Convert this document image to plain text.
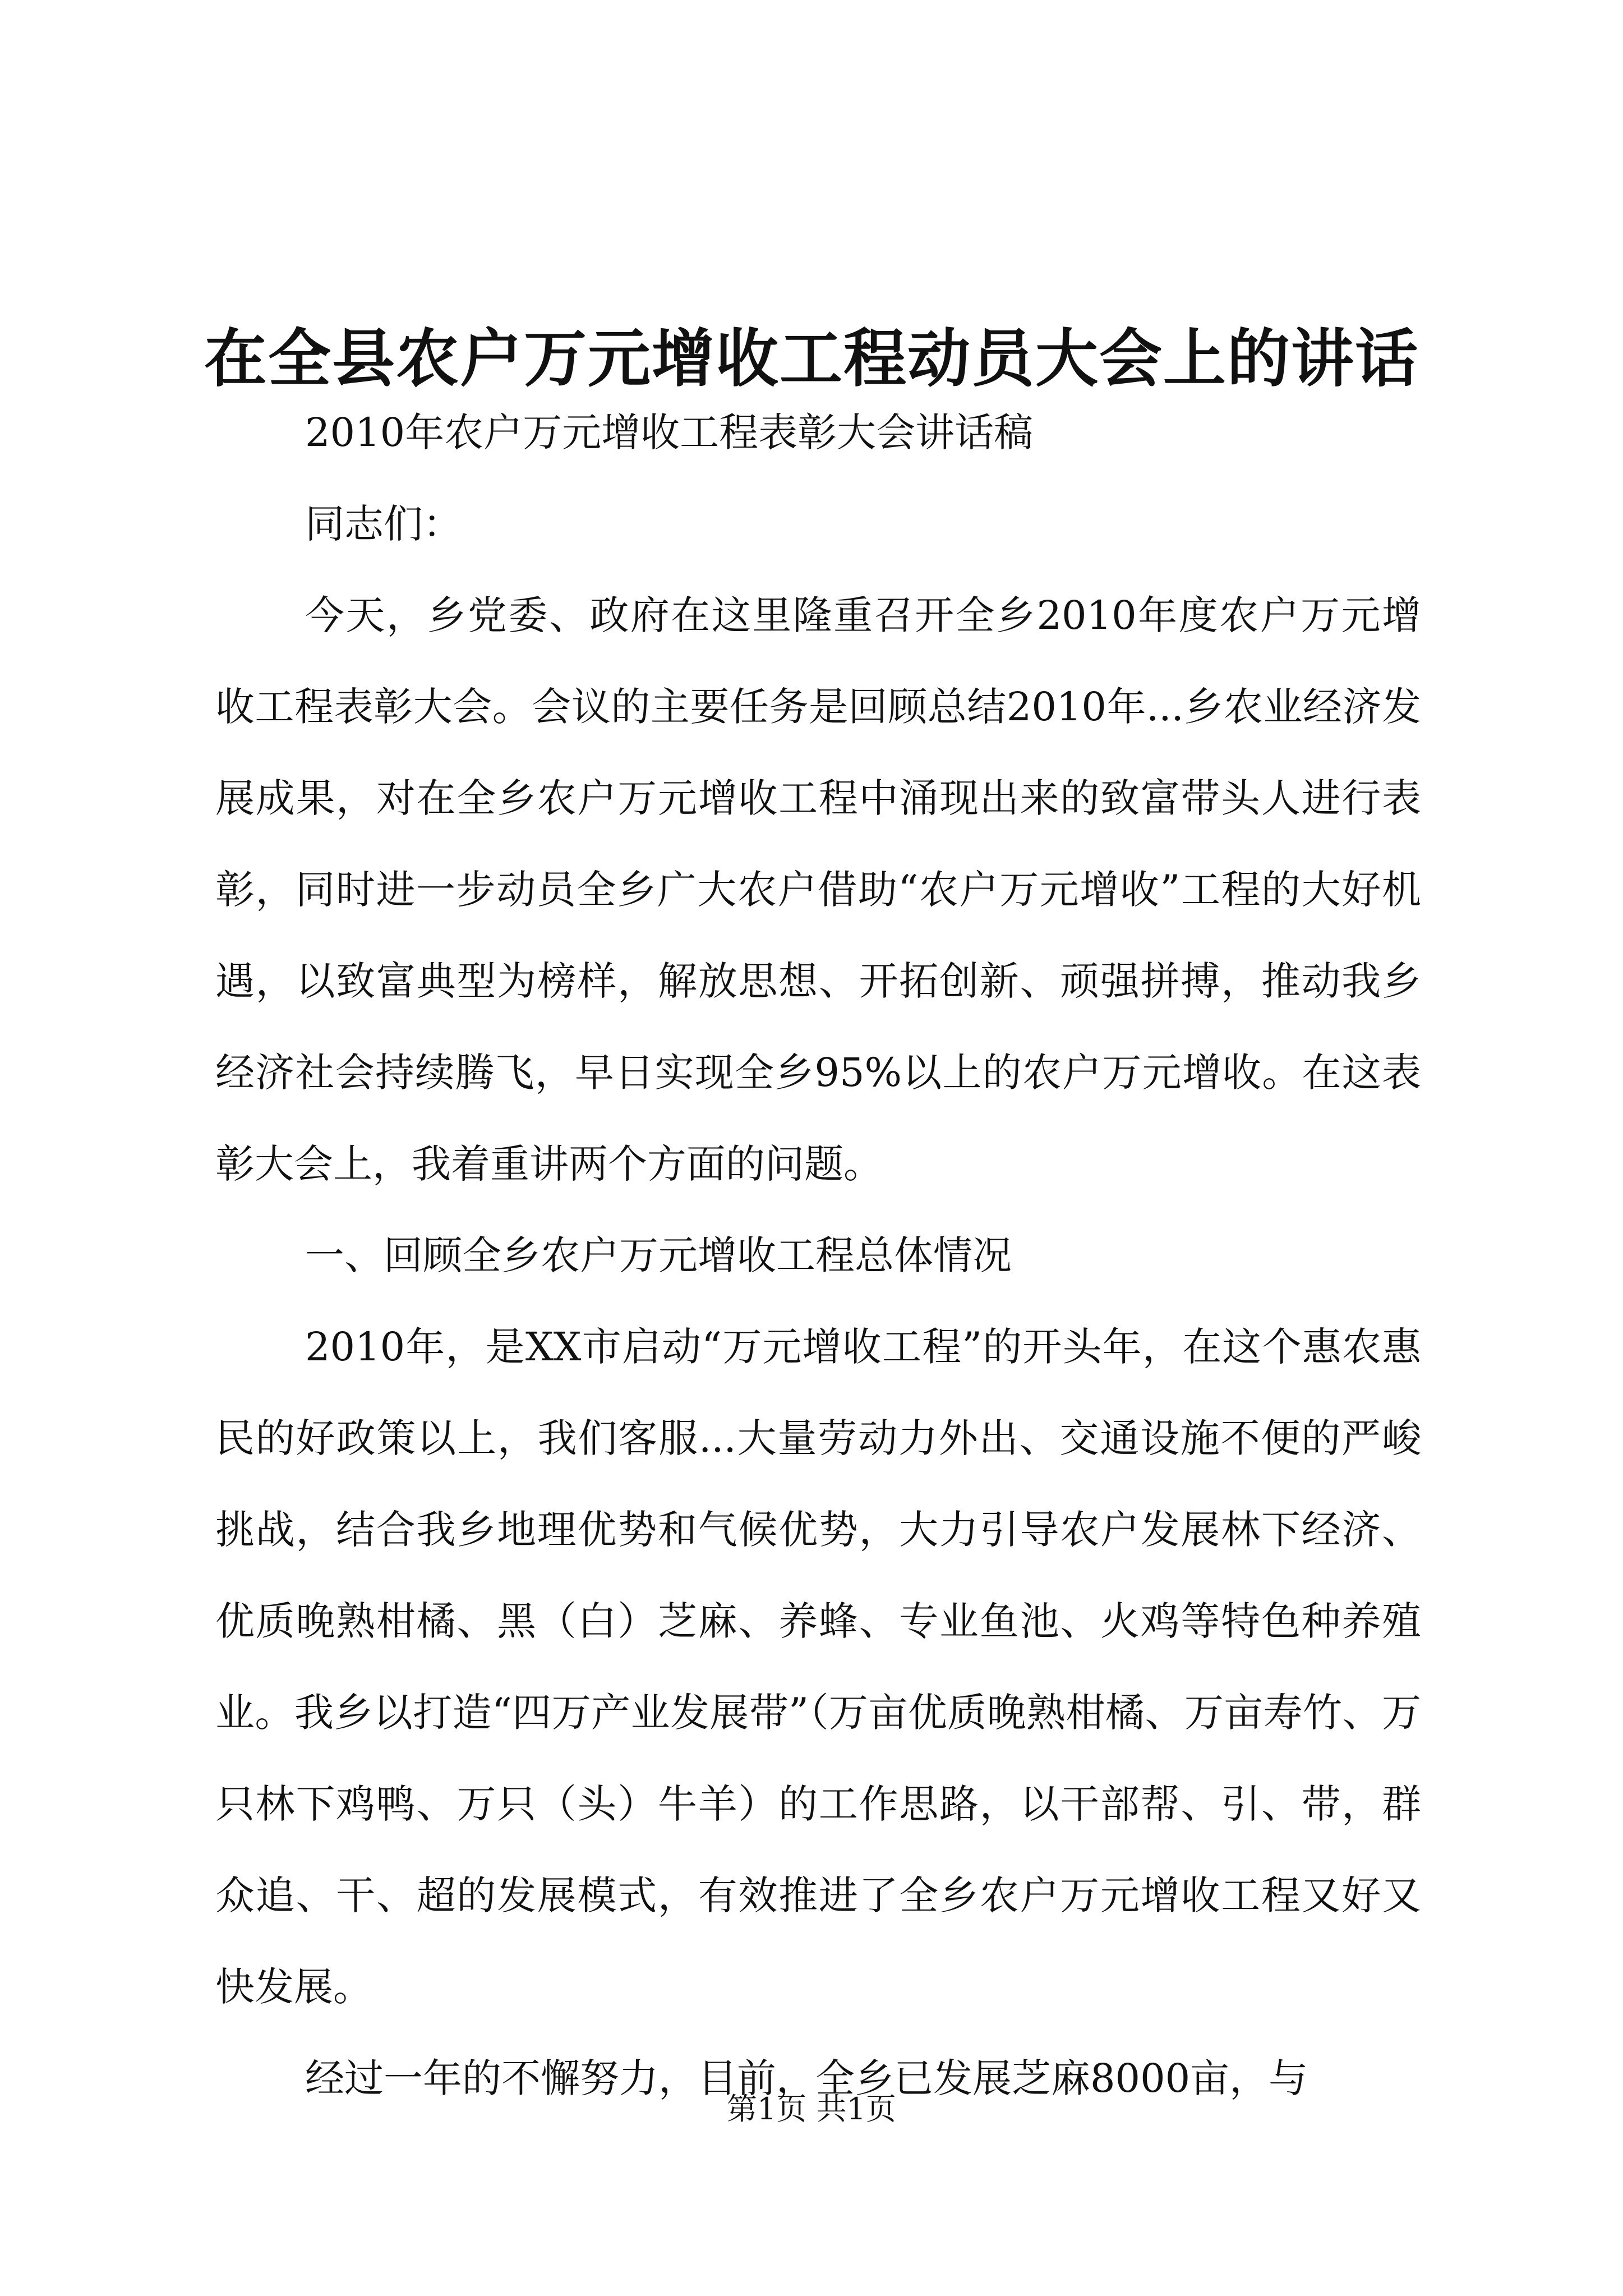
在全县农户万元增收工程动员大会上的讲话

2010年农户万元增收工程表彰大会讲话稿

同志们：

今天，乡党委、政府在这里隆重召开全乡2010年度农户万元增收工程表彰大会。会议的主要任务是回顾总结2010年...乡农业经济发展成果，对在全乡农户万元增收工程中涌现出来的致富带头人进行表彰，同时进一步动员全乡广大农户借助“农户万元增收”工程的大好机遇，以致富典型为榜样，解放思想、开拓创新、顽强拼搏，推动我乡经济社会持续腾飞，早日实现全乡95%以上的农户万元增收。在这表彰大会上，我着重讲两个方面的问题。

一、回顾全乡农户万元增收工程总体情况

2010年，是XX市启动“万元增收工程”的开头年，在这个惠农惠民的好政策以上，我们客服...大量劳动力外出、交通设施不便的严峻挑战，结合我乡地理优势和气候优势，大力引导农户发展林下经济、优质晚熟柑橘、黑（白）芝麻、养蜂、专业鱼池、火鸡等特色种养殖业。我乡以打造“四万产业发展带”（万亩优质晚熟柑橘、万亩寿竹、万只林下鸡鸭、万只（头）牛羊）的工作思路，以干部帮、引、带，群众追、干、超的发展模式，有效推进了全乡农户万元增收工程又好又快发展。

经过一年的不懈努力，目前，全乡已发展芝麻8000亩，与

第1页 共1页
